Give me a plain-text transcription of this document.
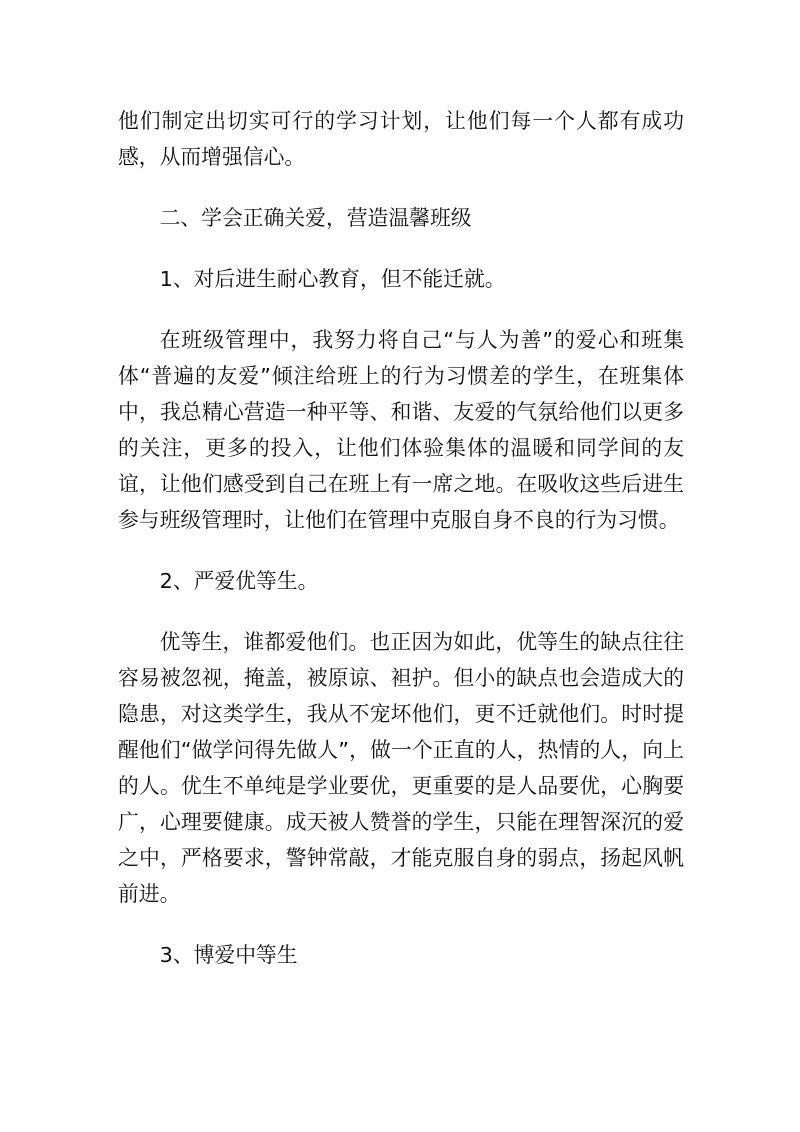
他们制定出切实可行的学习计划，让他们每一个人都有成功感，从而增强信心。

二、学会正确关爱，营造温馨班级

1、对后进生耐心教育，但不能迁就。

在班级管理中，我努力将自己“与人为善”的爱心和班集体“普遍的友爱”倾注给班上的行为习惯差的学生，在班集体中，我总精心营造一种平等、和谐、友爱的气氛给他们以更多的关注，更多的投入，让他们体验集体的温暖和同学间的友谊，让他们感受到自己在班上有一席之地。在吸收这些后进生参与班级管理时，让他们在管理中克服自身不良的行为习惯。

2、严爱优等生。

优等生，谁都爱他们。也正因为如此，优等生的缺点往往容易被忽视，掩盖，被原谅、袒护。但小的缺点也会造成大的隐患，对这类学生，我从不宠坏他们，更不迁就他们。时时提醒他们“做学问得先做人”，做一个正直的人，热情的人，向上的人。优生不单纯是学业要优，更重要的是人品要优，心胸要广，心理要健康。成天被人赞誉的学生，只能在理智深沉的爱之中，严格要求，警钟常敲，才能克服自身的弱点，扬起风帆前进。

3、博爱中等生
